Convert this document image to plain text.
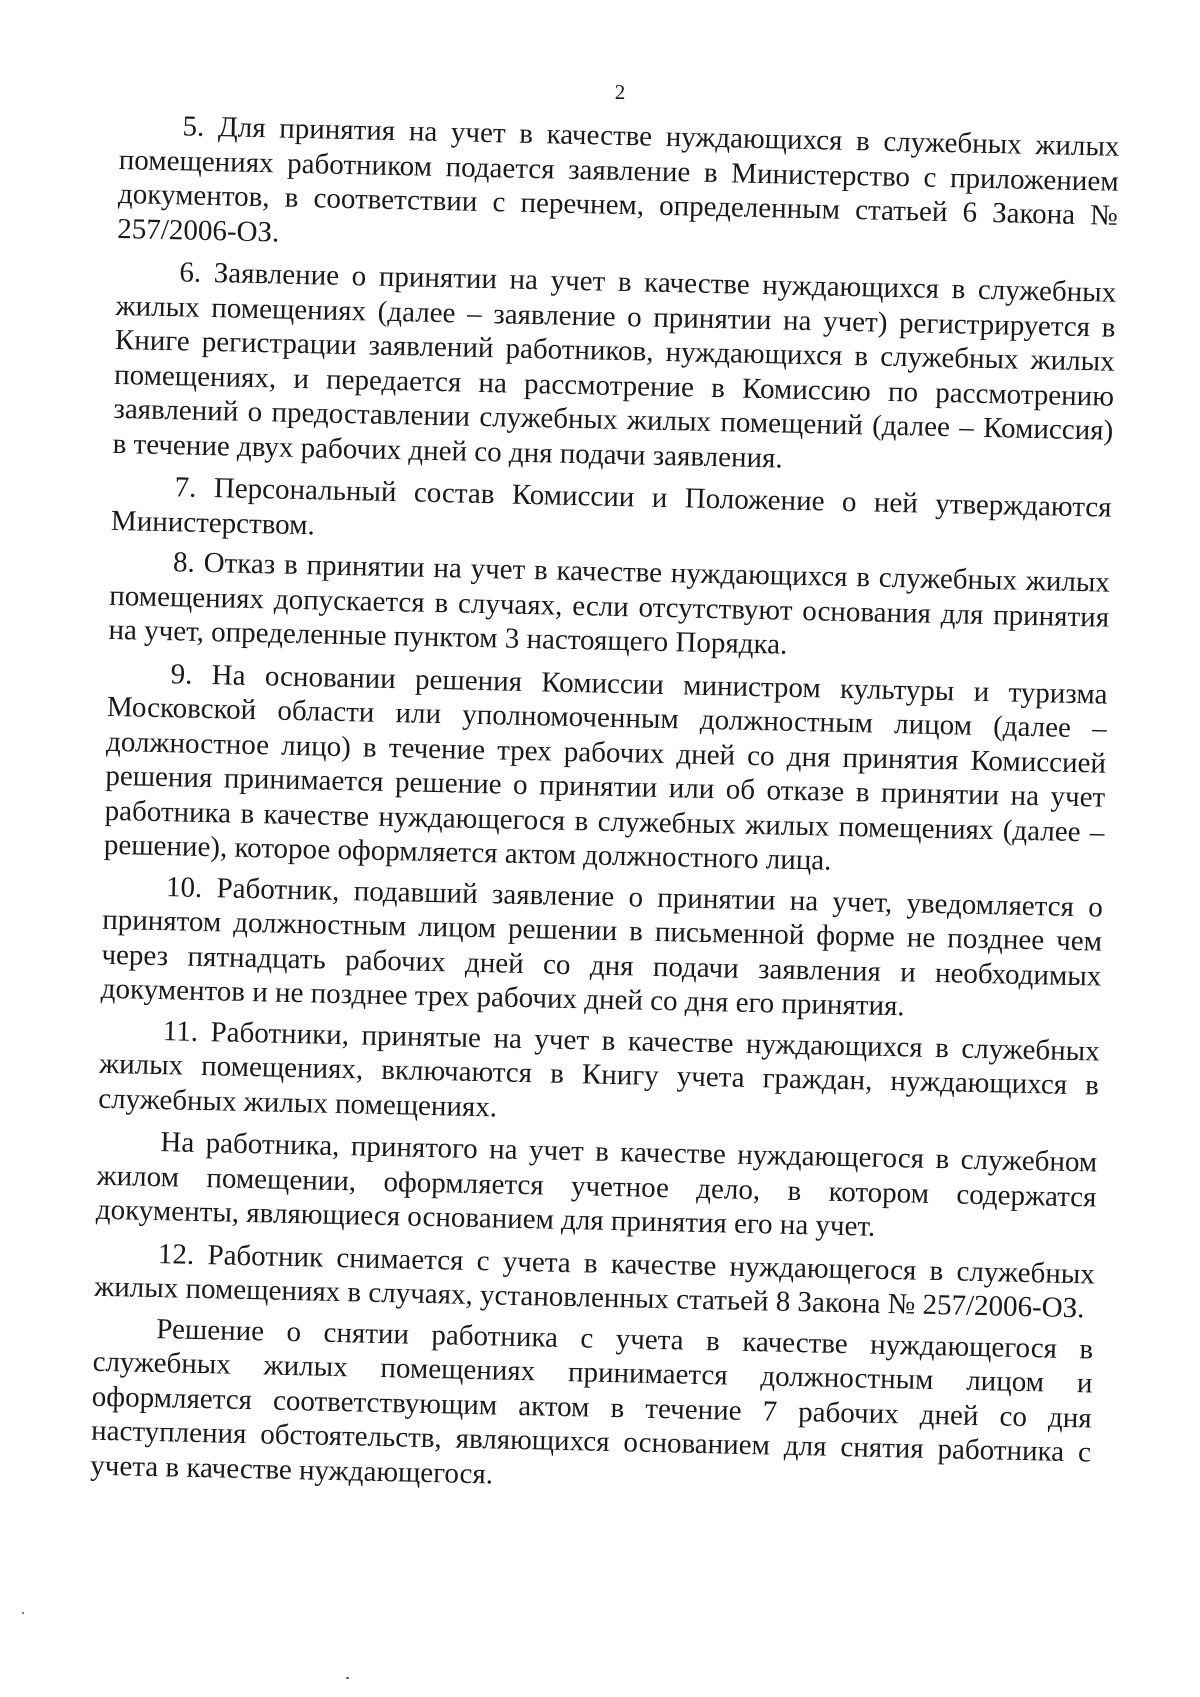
2

5. Для принятия на учет в качестве нуждающихся в служебных жилых помещениях работником подается заявление в Министерство с приложением документов, в соответствии с перечнем, определенным статьей 6 Закона № 257/2006-ОЗ.

6. Заявление о принятии на учет в качестве нуждающихся в служебных жилых помещениях (далее – заявление о принятии на учет) регистрируется в Книге регистрации заявлений работников, нуждающихся в служебных жилых помещениях, и передается на рассмотрение в Комиссию по рассмотрению заявлений о предоставлении служебных жилых помещений (далее – Комиссия) в течение двух рабочих дней со дня подачи заявления.

7. Персональный состав Комиссии и Положение о ней утверждаются Министерством.

8. Отказ в принятии на учет в качестве нуждающихся в служебных жилых помещениях допускается в случаях, если отсутствуют основания для принятия на учет, определенные пунктом 3 настоящего Порядка.

9. На основании решения Комиссии министром культуры и туризма Московской области или уполномоченным должностным лицом (далее – должностное лицо) в течение трех рабочих дней со дня принятия Комиссией решения принимается решение о принятии или об отказе в принятии на учет работника в качестве нуждающегося в служебных жилых помещениях (далее – решение), которое оформляется актом должностного лица.

10. Работник, подавший заявление о принятии на учет, уведомляется о принятом должностным лицом решении в письменной форме не позднее чем через пятнадцать рабочих дней со дня подачи заявления и необходимых документов и не позднее трех рабочих дней со дня его принятия.

11. Работники, принятые на учет в качестве нуждающихся в служебных жилых помещениях, включаются в Книгу учета граждан, нуждающихся в служебных жилых помещениях.

На работника, принятого на учет в качестве нуждающегося в служебном жилом помещении, оформляется учетное дело, в котором содержатся документы, являющиеся основанием для принятия его на учет.

12. Работник снимается с учета в качестве нуждающегося в служебных жилых помещениях в случаях, установленных статьей 8 Закона № 257/2006-ОЗ.

Решение о снятии работника с учета в качестве нуждающегося в служебных жилых помещениях принимается должностным лицом и оформляется соответствующим актом в течение 7 рабочих дней со дня наступления обстоятельств, являющихся основанием для снятия работника с учета в качестве нуждающегося.
